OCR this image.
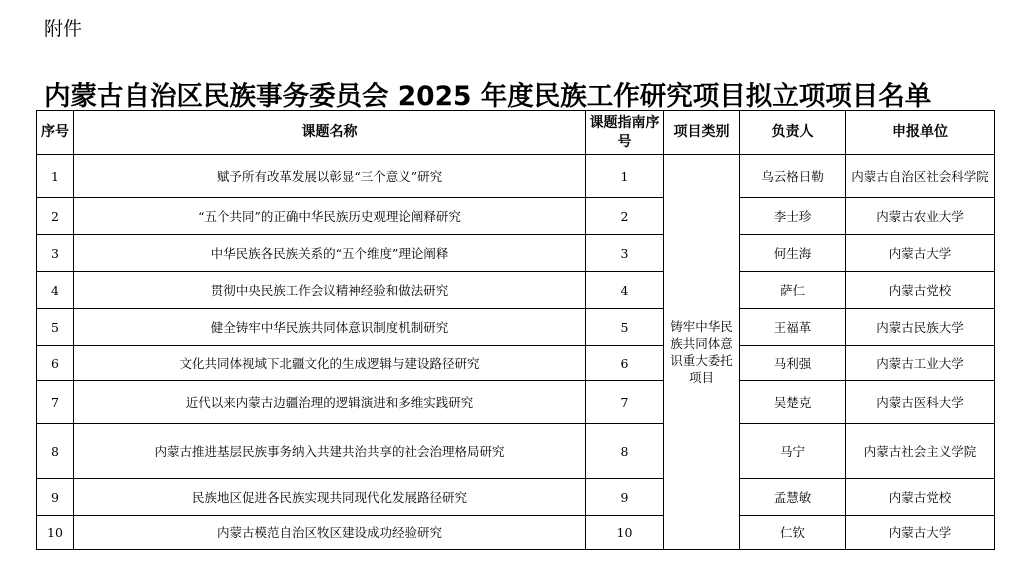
附件
内蒙古自治区民族事务委员会 2025 年度民族工作研究项目拟立项项目名单
序号	课题名称	课题指南序号	项目类别	负责人	申报单位
1	赋予所有改革发展以彰显“三个意义”研究	1	铸牢中华民族共同体意识重大委托项目	乌云格日勒	内蒙古自治区社会科学院
2	“五个共同”的正确中华民族历史观理论阐释研究	2		李士珍	内蒙古农业大学
3	中华民族各民族关系的“五个维度”理论阐释	3		何生海	内蒙古大学
4	贯彻中央民族工作会议精神经验和做法研究	4		萨仁	内蒙古党校
5	健全铸牢中华民族共同体意识制度机制研究	5		王福革	内蒙古民族大学
6	文化共同体视域下北疆文化的生成逻辑与建设路径研究	6		马利强	内蒙古工业大学
7	近代以来内蒙古边疆治理的逻辑演进和多维实践研究	7		吴楚克	内蒙古医科大学
8	内蒙古推进基层民族事务纳入共建共治共享的社会治理格局研究	8		马宁	内蒙古社会主义学院
9	民族地区促进各民族实现共同现代化发展路径研究	9		孟慧敏	内蒙古党校
10	内蒙古模范自治区牧区建设成功经验研究	10		仁钦	内蒙古大学
